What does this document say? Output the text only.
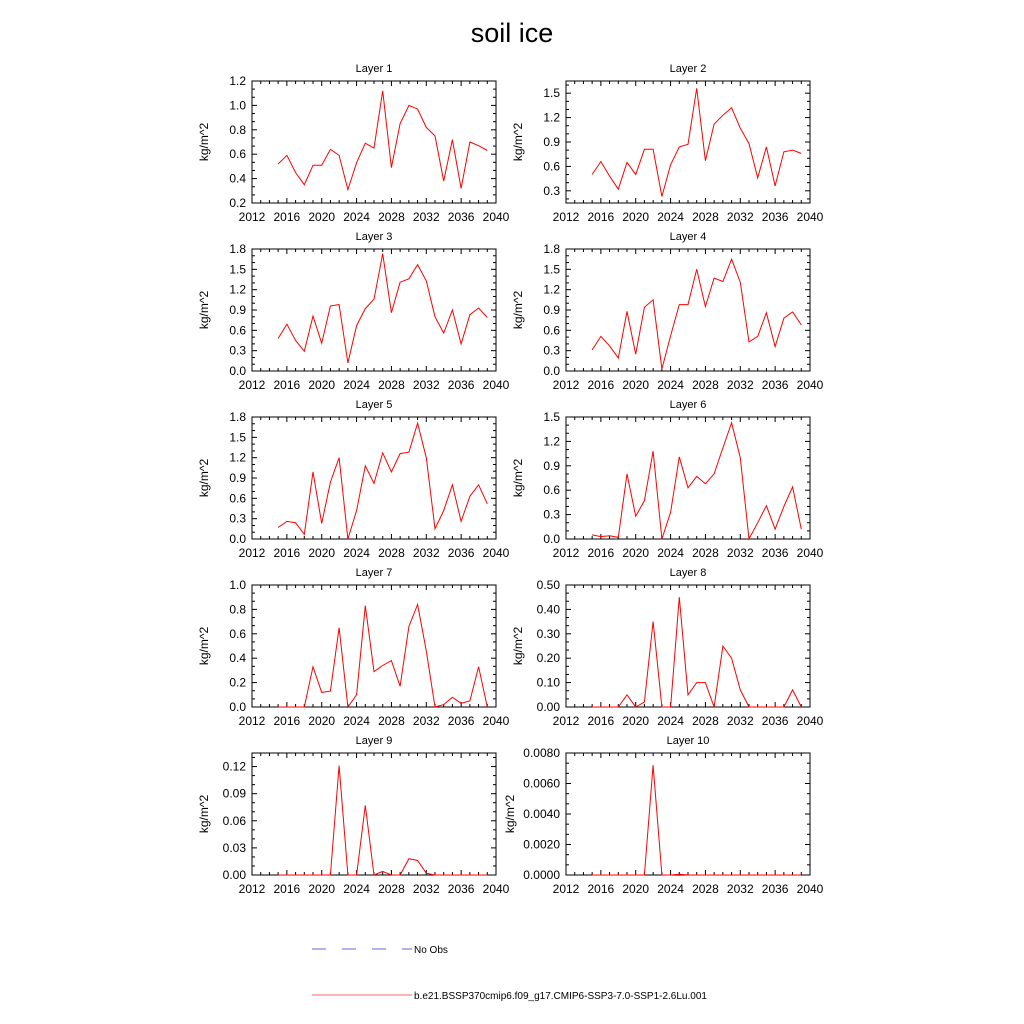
soil ice
Layer 1
2012 2016 2020 2024 2028 2032 2036 2040
0.2
0.4
0.6
0.8
1.0
1.2
kg/m^2
Layer 2
2012 2016 2020 2024 2028 2032 2036 2040
0.3
0.6
0.9
1.2
1.5
kg/m^2
Layer 3
2012 2016 2020 2024 2028 2032 2036 2040
0.0
0.3
0.6
0.9
1.2
1.5
1.8
kg/m^2
Layer 4
2012 2016 2020 2024 2028 2032 2036 2040
0.0
0.3
0.6
0.9
1.2
1.5
1.8
kg/m^2
Layer 5
2012 2016 2020 2024 2028 2032 2036 2040
0.0
0.3
0.6
0.9
1.2
1.5
1.8
kg/m^2
Layer 6
2012 2016 2020 2024 2028 2032 2036 2040
0.0
0.3
0.6
0.9
1.2
1.5
kg/m^2
Layer 7
2012 2016 2020 2024 2028 2032 2036 2040
0.0
0.2
0.4
0.6
0.8
1.0
kg/m^2
Layer 8
2012 2016 2020 2024 2028 2032 2036 2040
0.00
0.10
0.20
0.30
0.40
0.50
kg/m^2
Layer 9
2012 2016 2020 2024 2028 2032 2036 2040
0.00
0.03
0.06
0.09
0.12
kg/m^2
Layer 10
2012 2016 2020 2024 2028 2032 2036 2040
0.0000
0.0020
0.0040
0.0060
0.0080
kg/m^2
No Obs
b.e21.BSSP370cmip6.f09_g17.CMIP6-SSP3-7.0-SSP1-2.6Lu.001
